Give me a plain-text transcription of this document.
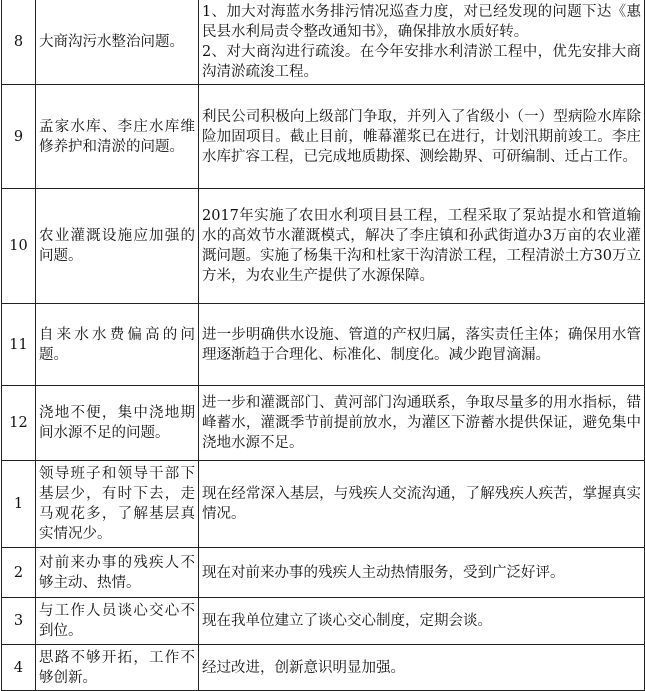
8	大商沟污水整治问题。	1、加大对海蓝水务排污情况巡查力度，对已经发现的问题下达《惠民县水利局责令整改通知书》，确保排放水质好转。
2、对大商沟进行疏浚。在今年安排水利清淤工程中，优先安排大商沟清淤疏浚工程。

9	孟家水库、李庄水库维修养护和清淤的问题。	利民公司积极向上级部门争取，并列入了省级小（一）型病险水库除险加固项目。截止目前，帷幕灌浆已在进行，计划汛期前竣工。李庄水库扩容工程，已完成地质勘探、测绘勘界、可研编制、迁占工作。

10	农业灌溉设施应加强的问题。	2017年实施了农田水利项目县工程，工程采取了泵站提水和管道输水的高效节水灌溉模式，解决了李庄镇和孙武街道办3万亩的农业灌溉问题。实施了杨集干沟和杜家干沟清淤工程，工程清淤土方30万立方米，为农业生产提供了水源保障。

11	自来水水费偏高的问题。	进一步明确供水设施、管道的产权归属，落实责任主体；确保用水管理逐渐趋于合理化、标准化、制度化。减少跑冒滴漏。

12	浇地不便，集中浇地期间水源不足的问题。	进一步和灌溉部门、黄河部门沟通联系，争取尽量多的用水指标，错峰蓄水，灌溉季节前提前放水，为灌区下游蓄水提供保证，避免集中浇地水源不足。

1	领导班子和领导干部下基层少，有时下去，走马观花多，了解基层真实情况少。	现在经常深入基层，与残疾人交流沟通，了解残疾人疾苦，掌握真实情况。

2	对前来办事的残疾人不够主动、热情。	现在对前来办事的残疾人主动热情服务，受到广泛好评。

3	与工作人员谈心交心不到位。	现在我单位建立了谈心交心制度，定期会谈。

4	思路不够开拓，工作不够创新。	经过改进，创新意识明显加强。
